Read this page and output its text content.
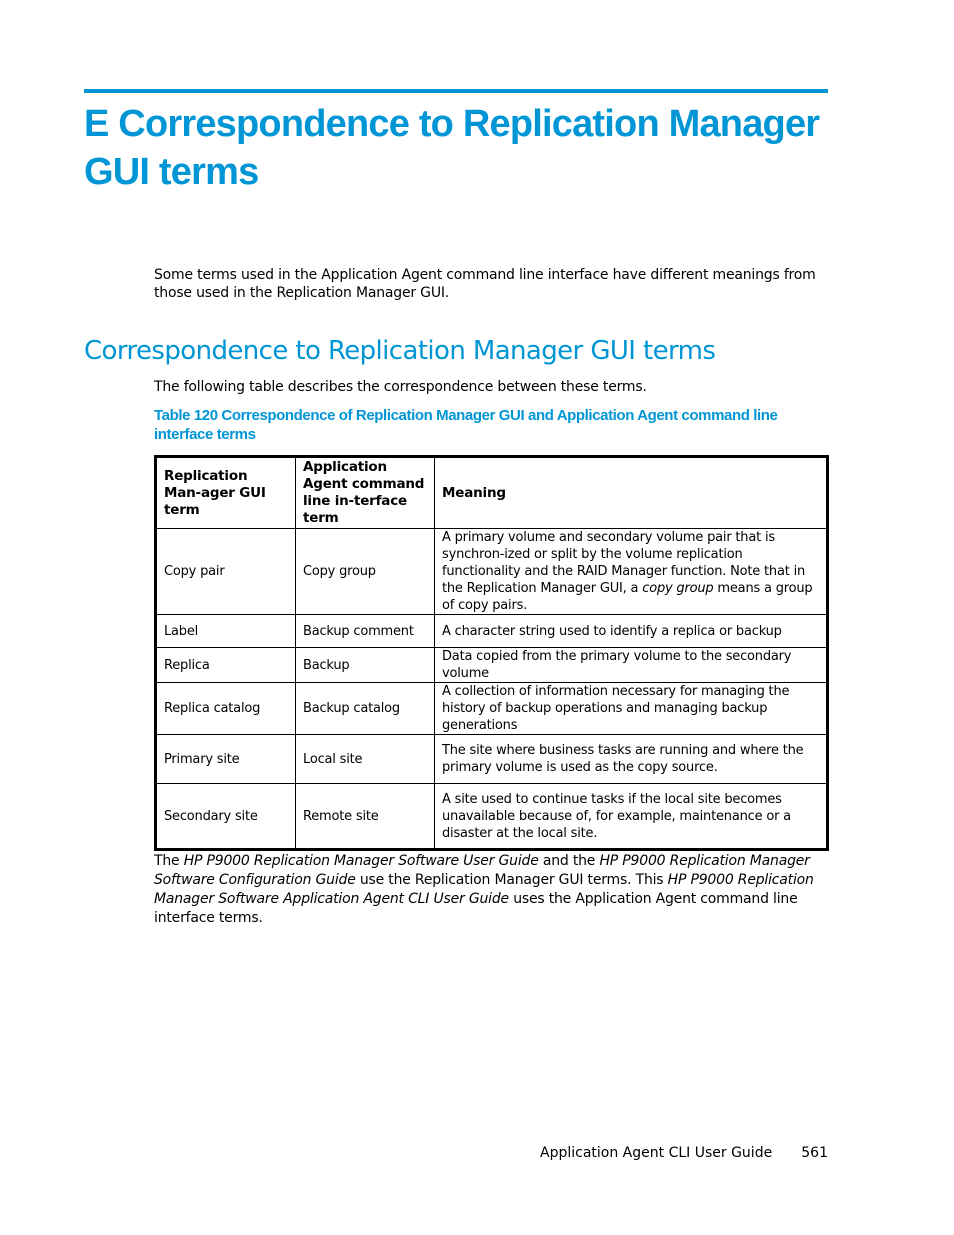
E Correspondence to Replication Manager GUI terms

Some terms used in the Application Agent command line interface have different meanings from those used in the Replication Manager GUI.

Correspondence to Replication Manager GUI terms

The following table describes the correspondence between these terms.

Table 120 Correspondence of Replication Manager GUI and Application Agent command line interface terms

Replication Man-ager GUI term	Application Agent command line in-terface term	Meaning
Copy pair	Copy group	A primary volume and secondary volume pair that is synchron-ized or split by the volume replication functionality and the RAID Manager function. Note that in the Replication Manager GUI, a copy group means a group of copy pairs.
Label	Backup comment	A character string used to identify a replica or backup
Replica	Backup	Data copied from the primary volume to the secondary volume
Replica catalog	Backup catalog	A collection of information necessary for managing the history of backup operations and managing backup generations
Primary site	Local site	The site where business tasks are running and where the primary volume is used as the copy source.
Secondary site	Remote site	A site used to continue tasks if the local site becomes unavailable because of, for example, maintenance or a disaster at the local site.

The HP P9000 Replication Manager Software User Guide and the HP P9000 Replication Manager Software Configuration Guide use the Replication Manager GUI terms. This HP P9000 Replication Manager Software Application Agent CLI User Guide uses the Application Agent command line interface terms.

Application Agent CLI User Guide 561
